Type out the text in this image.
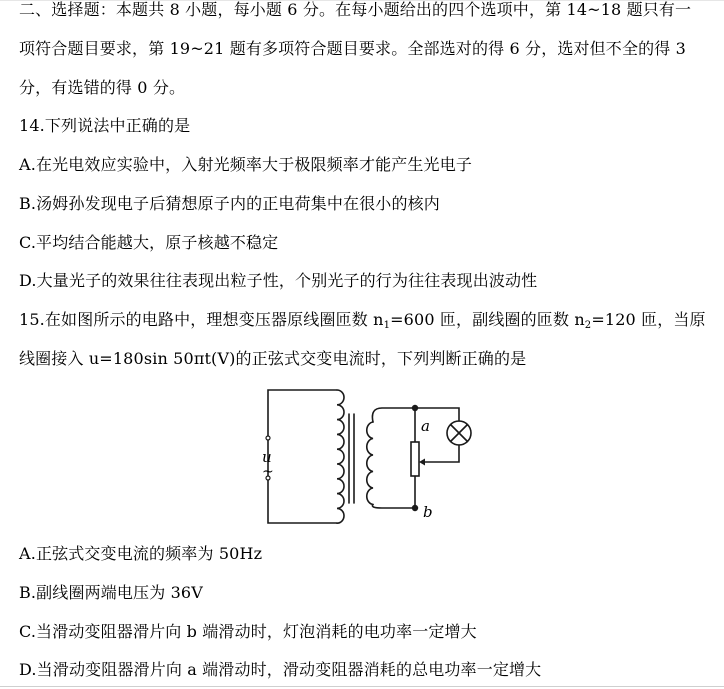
二、选择题：本题共 8 小题，每小题 6 分。在每小题给出的四个选项中，第 14~18 题只有一
项符合题目要求，第 19~21 题有多项符合题目要求。全部选对的得 6 分，选对但不全的得 3
分，有选错的得 0 分。
14.下列说法中正确的是
A.在光电效应实验中，入射光频率大于极限频率才能产生光电子
B.汤姆孙发现电子后猜想原子内的正电荷集中在很小的核内
C.平均结合能越大，原子核越不稳定
D.大量光子的效果往往表现出粒子性，个别光子的行为往往表现出波动性
15.在如图所示的电路中，理想变压器原线圈匝数 $n_1=600$ 匝，副线圈的匝数 $n_2=120$ 匝，当原
线圈接入 u=180sin 50πt(V)的正弦式交变电流时，下列判断正确的是
u
~
a
b
A.正弦式交变电流的频率为 50Hz
B.副线圈两端电压为 36V
C.当滑动变阻器滑片向 b 端滑动时，灯泡消耗的电功率一定增大
D.当滑动变阻器滑片向 a 端滑动时，滑动变阻器消耗的总电功率一定增大
